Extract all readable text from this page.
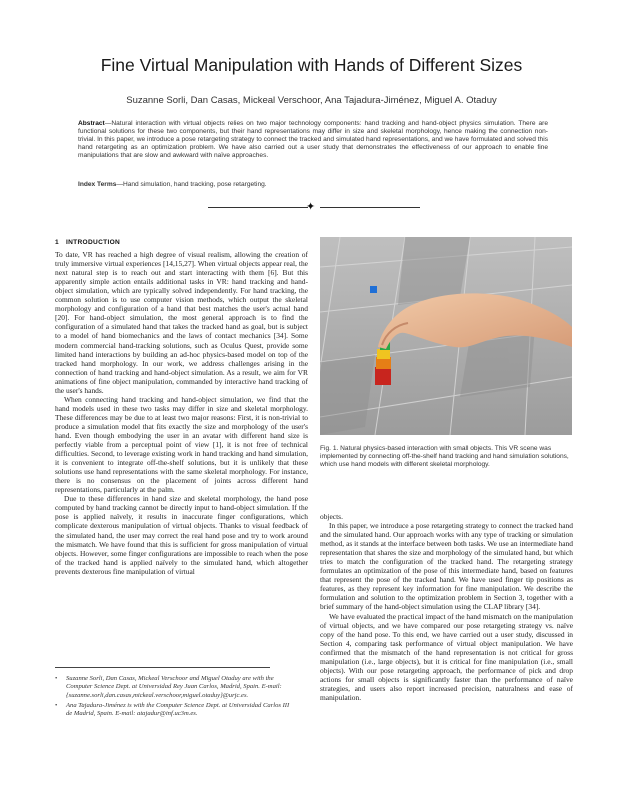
Fine Virtual Manipulation with Hands of Different Sizes
Suzanne Sorli, Dan Casas, Mickeal Verschoor, Ana Tajadura-Jiménez, Miguel A. Otaduy
Abstract—Natural interaction with virtual objects relies on two major technology components: hand tracking and hand-object physics simulation. There are functional solutions for these two components, but their hand representations may differ in size and skeletal morphology, hence making the connection non-trivial. In this paper, we introduce a pose retargeting strategy to connect the tracked and simulated hand representations, and we have formulated and solved this hand retargeting as an optimization problem. We have also carried out a user study that demonstrates the effectiveness of our approach to enable fine manipulations that are slow and awkward with naïve approaches.
Index Terms—Hand simulation, hand tracking, pose retargeting.
✦
1 INTRODUCTION

To date, VR has reached a high degree of visual realism, allowing the creation of truly immersive virtual experiences [14,15,27]. When virtual objects appear real, the next natural step is to reach out and start interacting with them [6]. But this apparently simple action entails additional tasks in VR: hand tracking and hand-object simulation, which are typically solved independently. For hand tracking, the common solution is to use computer vision methods, which output the skeletal morphology and configuration of a hand that best matches the user's actual hand [20]. For hand-object simulation, the most general approach is to find the configuration of a simulated hand that takes the tracked hand as goal, but is subject to a model of hand biomechanics and the laws of contact mechanics [34]. Some modern commercial hand-tracking solutions, such as Oculus Quest, provide some limited hand interactions by building an ad-hoc physics-based model on top of the tracked hand morphology. In our work, we address challenges arising in the connection of hand tracking and hand-object simulation. As a result, we aim for VR animations of fine object manipulation, commanded by interactive hand tracking of the user's hands.

When connecting hand tracking and hand-object simulation, we find that the hand models used in these two tasks may differ in size and skeletal morphology. These differences may be due to at least two major reasons: First, it is non-trivial to produce a simulation model that fits exactly the size and morphology of the user's hand. Even though embodying the user in an avatar with different hand size is perfectly viable from a perceptual point of view [1], it is not free of technical difficulties. Second, to leverage existing work in hand tracking and hand simulation, it is convenient to integrate off-the-shelf solutions, but it is unlikely that these solutions use hand representations with the same skeletal morphology. For instance, there is no consensus on the placement of joints across different hand representations, particularly at the palm.

Due to these differences in hand size and skeletal morphology, the hand pose computed by hand tracking cannot be directly input to hand-object simulation. If the pose is applied naïvely, it results in inaccurate finger configurations, which complicate dexterous manipulation of virtual objects. Thanks to visual feedback of the simulated hand, the user may correct the real hand pose and try to work around the mismatch. We have found that this is sufficient for gross manipulation of virtual objects. However, some finger configurations are impossible to reach when the pose of the tracked hand is applied naïvely to the simulated hand, which altogether prevents dexterous fine manipulation of virtual

• Suzanne Sorli, Dan Casas, Mickeal Verschoor and Miguel Otaduy are with the Computer Science Dept. at Universidad Rey Juan Carlos, Madrid, Spain. E-mail: {suzanne.sorli,dan.casas,mickeal.verschoor,miguel.otaduy}@urjc.es.
• Ana Tajadura-Jiménez is with the Computer Science Dept. at Universidad Carlos III de Madrid, Spain. E-mail: atajadur@inf.uc3m.es.
Fig. 1. Natural physics-based interaction with small objects. This VR scene was implemented by connecting off-the-shelf hand tracking and hand simulation solutions, which use hand models with different skeletal morphology.

objects.

In this paper, we introduce a pose retargeting strategy to connect the tracked hand and the simulated hand. Our approach works with any type of tracking or simulation method, as it stands at the interface between both tasks. We use an intermediate hand representation that shares the size and morphology of the simulated hand, but which tries to match the configuration of the tracked hand. The retargeting strategy formulates an optimization of the pose of this intermediate hand, based on features that represent the pose of the tracked hand. We have used finger tip positions as features, as they represent key information for fine manipulation. We describe the formulation and solution to the optimization problem in Section 3, together with a brief summary of the hand-object simulation using the CLAP library [34].

We have evaluated the practical impact of the hand mismatch on the manipulation of virtual objects, and we have compared our pose retargeting strategy vs. naïve copy of the hand pose. To this end, we have carried out a user study, discussed in Section 4, comparing task performance of virtual object manipulation. We have confirmed that the mismatch of the hand representation is not critical for gross manipulation (i.e., large objects), but it is critical for fine manipulation (i.e., small objects). With our pose retargeting approach, the performance of pick and drop actions for small objects is significantly faster than the performance of naïve strategies, and users also report increased precision, naturalness and ease of manipulation.
